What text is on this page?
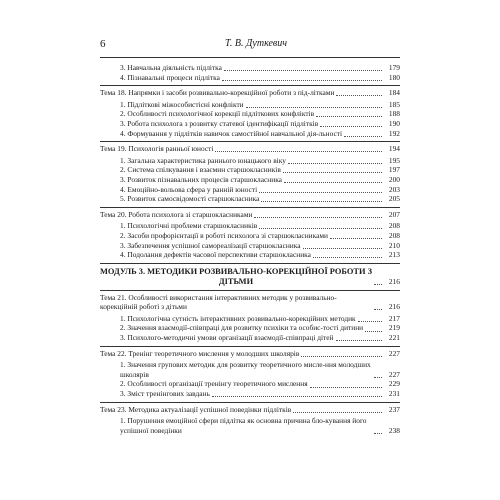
6	Т. В. Дуткевич
3. Навчальна діяльність підлітка	179
4. Пізнавальні процеси підлітка	180
Тема 18. Напрямки і засоби розвивально-корекційної роботи з під-літками	184
1. Підліткові міжособистісні конфлікти	185
2. Особливості психологічної корекції підліткових конфліктів	188
3. Робота психолога з розвитку статевої ідентифікації підлітків	190
4. Формування у підлітків навичок самостійної навчальної дія-льності	192
Тема 19. Психологія ранньої юності	194
1. Загальна характеристика раннього юнацького віку	195
2. Система спілкування і взаємин старшокласників	197
3. Розвиток пізнавальних процесів старшокласника	200
4. Емоційно-вольова сфера у ранній юності	203
5. Розвиток самосвідомості старшокласника	205
Тема 20. Робота психолога зі старшокласниками	207
1. Психологічні проблеми старшокласників	208
2. Засоби профорієнтації в роботі психолога зі старшокласниками	208
3. Забезпечення успішної самореалізації старшокласника	210
4. Подолання дефектів часової перспективи старшокласника	213
МОДУЛЬ 3. МЕТОДИКИ РОЗВИВАЛЬНО-КОРЕКЦІЙНОЇ РОБОТИ З ДІТЬМИ	216
Тема 21. Особливості використання інтерактивних методик у розвивально-корекційній роботі з дітьми	216
1. Психологічна сутність інтерактивних розвивально-корекційних методик	217
2. Значення взаємодії-співпраці для розвитку психіки та особис-тості дитини	219
3. Психолого-методичні умови організації взаємодії-співпраці дітей	221
Тема 22. Тренінг теоретичного мислення у молодших школярів	227
1. Значення групових методик для розвитку теоретичного мисле-ння молодших школярів	227
2. Особливості організації тренінгу теоретичного мислення	229
3. Зміст тренінгових завдань	231
Тема 23. Методика актуалізації успішної поведінки підлітків	237
1. Порушення емоційної сфери підлітка як основна причина бло-кування його успішної поведінки	238
